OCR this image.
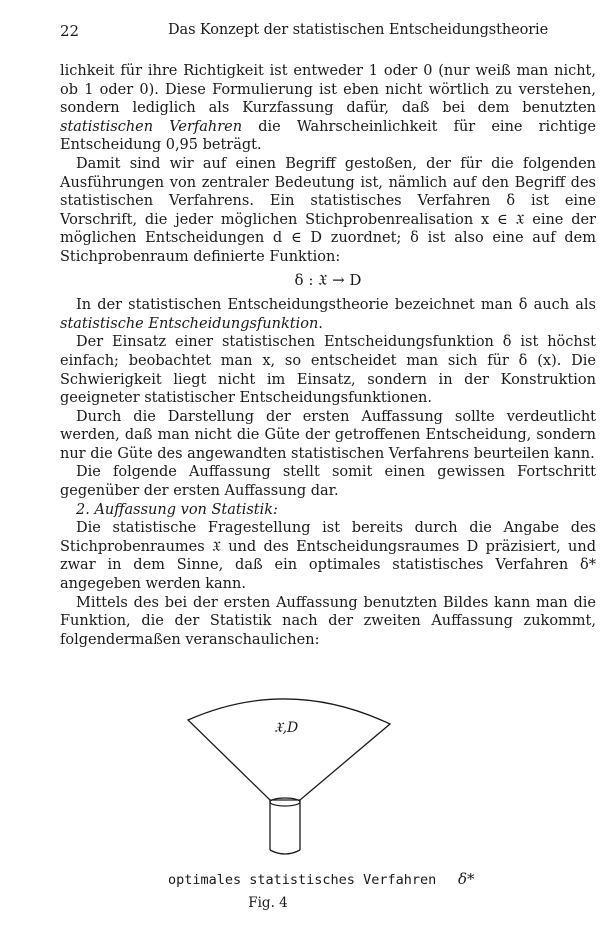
22	Das Konzept der statistischen Entscheidungstheorie

lichkeit für ihre Richtigkeit ist entweder 1 oder 0 (nur weiß man nicht, ob 1 oder 0). Diese Formulierung ist eben nicht wörtlich zu verstehen, sondern lediglich als Kurzfassung dafür, daß bei dem benutzten statistischen Verfahren die Wahrscheinlichkeit für eine richtige Entscheidung 0,95 beträgt.

Damit sind wir auf einen Begriff gestoßen, der für die folgenden Ausführungen von zentraler Bedeutung ist, nämlich auf den Begriff des statistischen Verfahrens. Ein statistisches Verfahren δ ist eine Vorschrift, die jeder möglichen Stichprobenrealisation x ∈ 𝔛 eine der möglichen Entscheidungen d ∈ D zuordnet; δ ist also eine auf dem Stichprobenraum definierte Funktion:

δ : 𝔛 → D

In der statistischen Entscheidungstheorie bezeichnet man δ auch als statistische Entscheidungsfunktion.

Der Einsatz einer statistischen Entscheidungsfunktion δ ist höchst einfach; beobachtet man x, so entscheidet man sich für δ (x). Die Schwierigkeit liegt nicht im Einsatz, sondern in der Konstruktion geeigneter statistischer Entscheidungsfunktionen.

Durch die Darstellung der ersten Auffassung sollte verdeutlicht werden, daß man nicht die Güte der getroffenen Entscheidung, sondern nur die Güte des angewandten statistischen Verfahrens beurteilen kann.

Die folgende Auffassung stellt somit einen gewissen Fortschritt gegenüber der ersten Auffassung dar.

2. Auffassung von Statistik:

Die statistische Fragestellung ist bereits durch die Angabe des Stichprobenraumes 𝔛 und des Entscheidungsraumes D präzisiert, und zwar in dem Sinne, daß ein optimales statistisches Verfahren δ* angegeben werden kann.

Mittels des bei der ersten Auffassung benutzten Bildes kann man die Funktion, die der Statistik nach der zweiten Auffassung zukommt, folgendermaßen veranschaulichen:

𝔛,D
optimales statistisches Verfahren δ*
Fig. 4
